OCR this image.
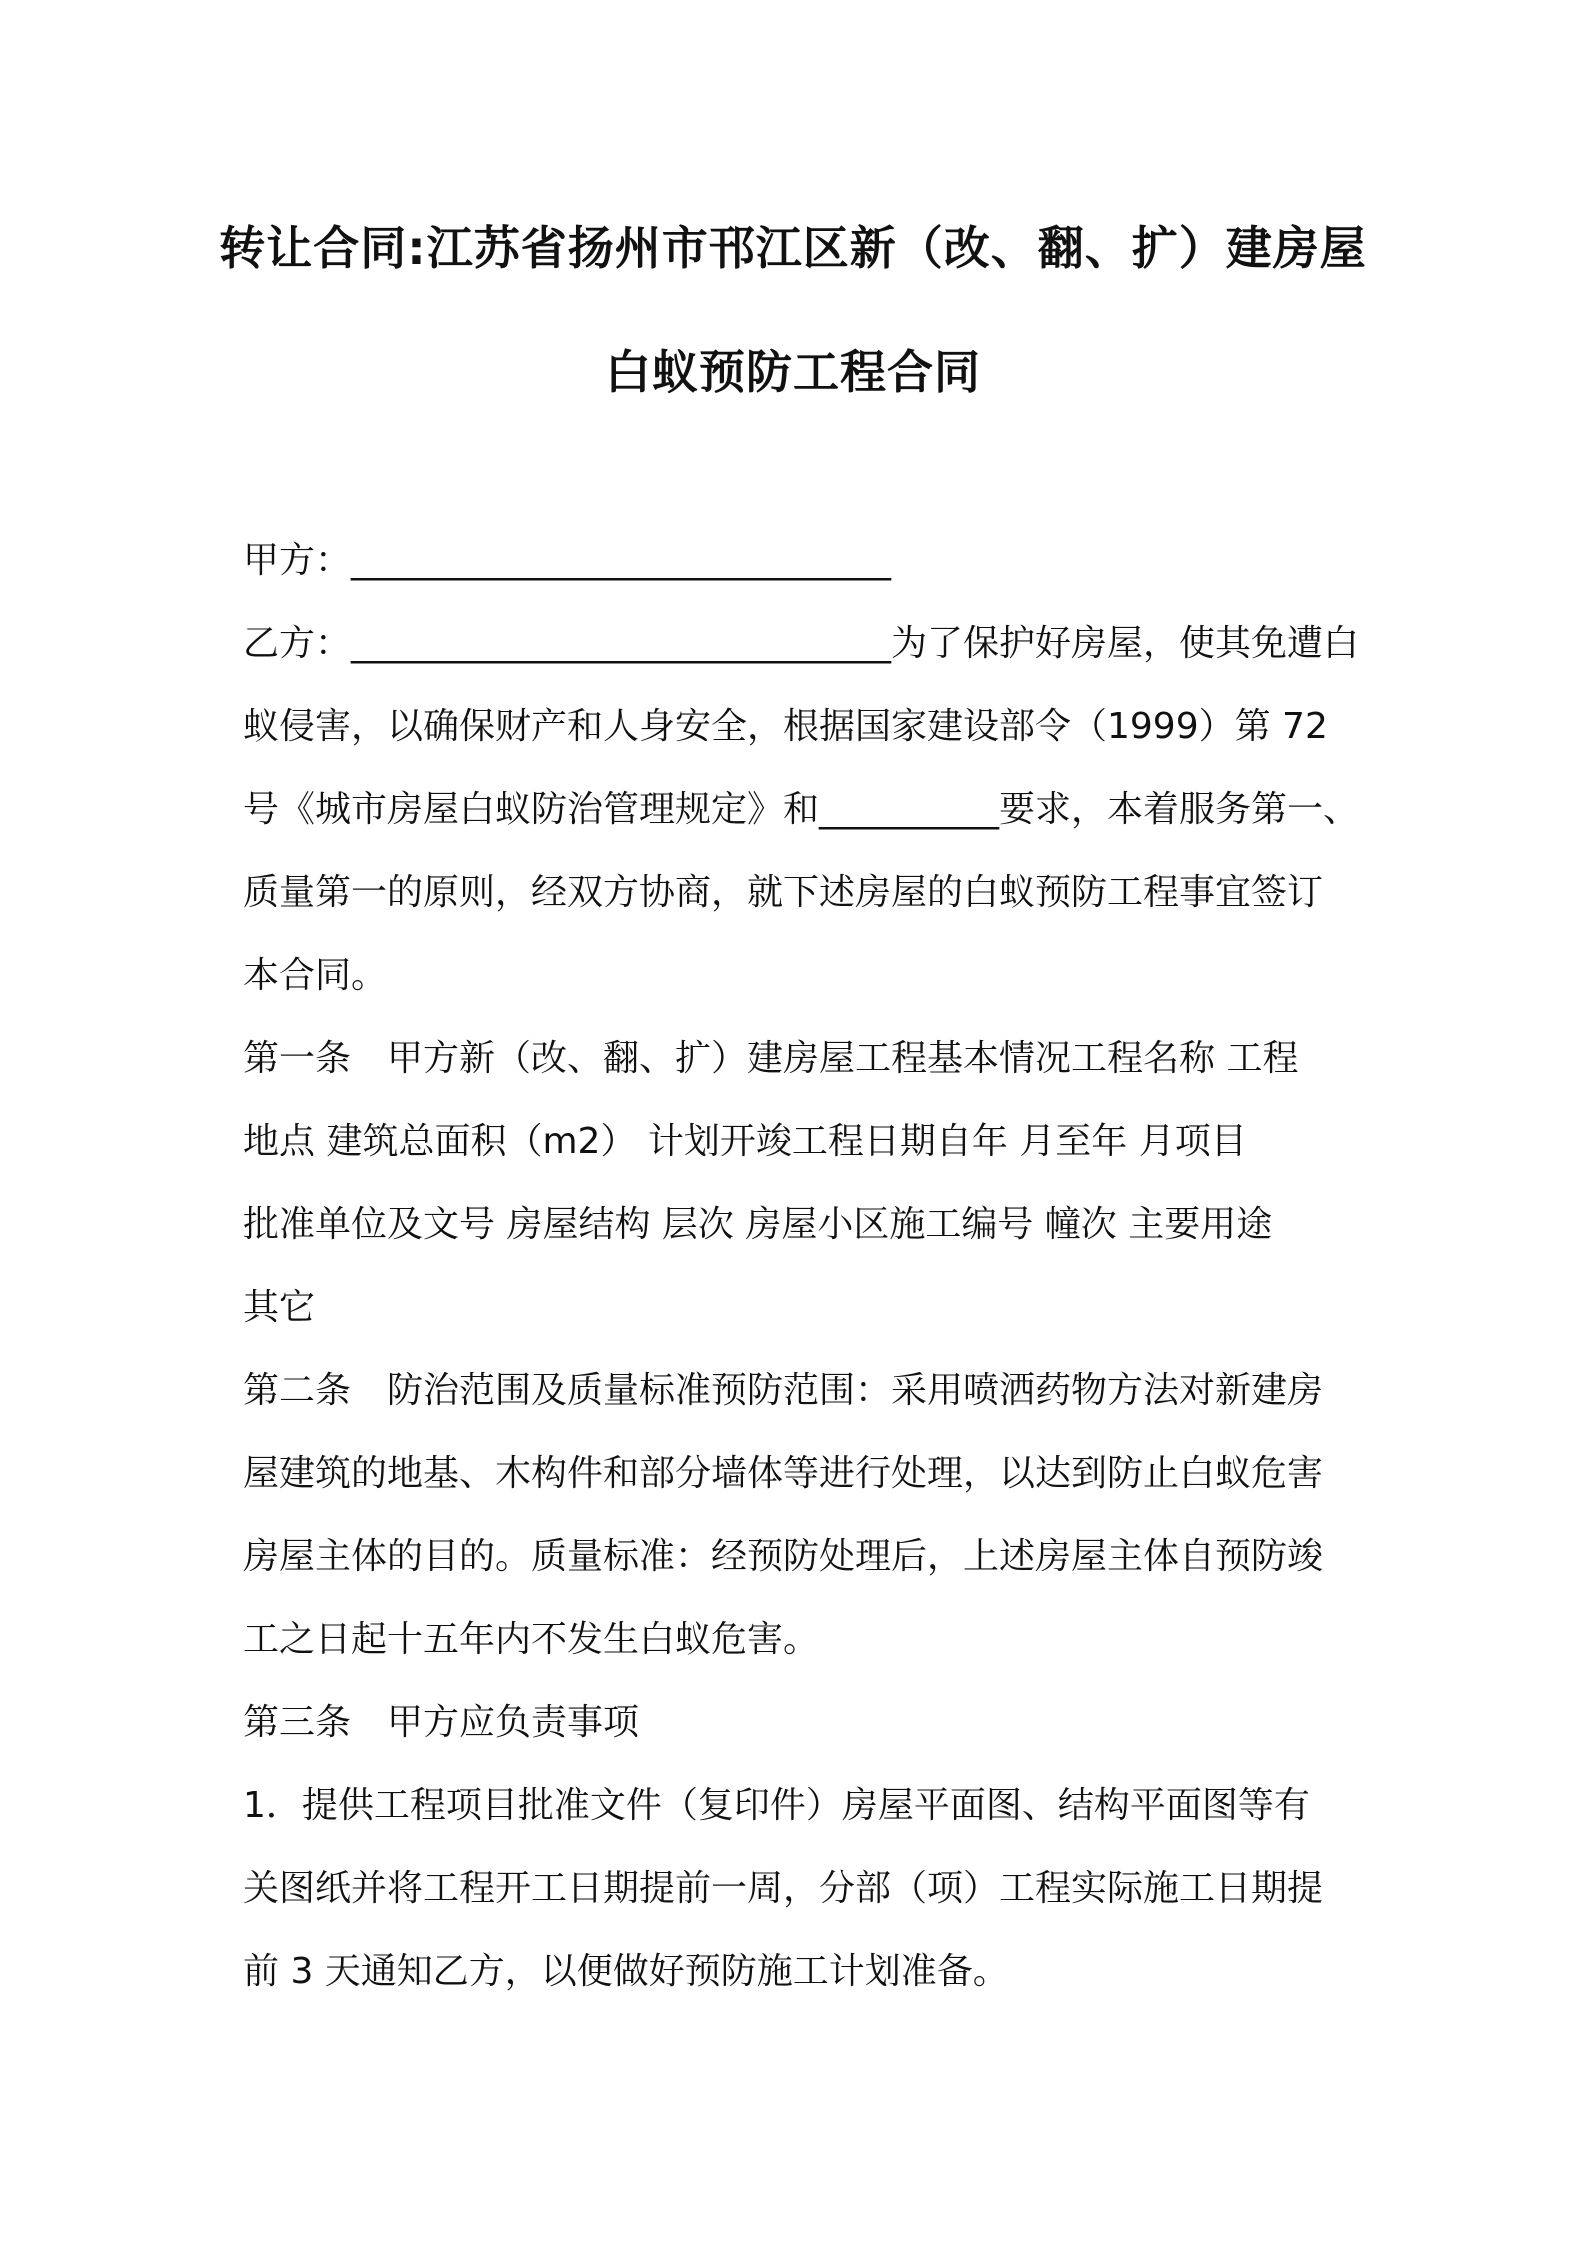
转让合同:江苏省扬州市邗江区新（改、翻、扩）建房屋
白蚁预防工程合同
甲方：______________________________
乙方：______________________________为了保护好房屋，使其免遭白
蚁侵害，以确保财产和人身安全，根据国家建设部令（1999）第 72
号《城市房屋白蚁防治管理规定》和__________要求，本着服务第一、
质量第一的原则，经双方协商，就下述房屋的白蚁预防工程事宜签订
本合同。
第一条　甲方新（改、翻、扩）建房屋工程基本情况工程名称 工程
地点 建筑总面积（m2） 计划开竣工程日期自年 月至年 月项目
批准单位及文号 房屋结构 层次 房屋小区施工编号 幢次 主要用途
其它
第二条　防治范围及质量标准预防范围：采用喷洒药物方法对新建房
屋建筑的地基、木构件和部分墙体等进行处理，以达到防止白蚁危害
房屋主体的目的。质量标准：经预防处理后，上述房屋主体自预防竣
工之日起十五年内不发生白蚁危害。
第三条　甲方应负责事项
1．提供工程项目批准文件（复印件）房屋平面图、结构平面图等有
关图纸并将工程开工日期提前一周，分部（项）工程实际施工日期提
前 3 天通知乙方，以便做好预防施工计划准备。
